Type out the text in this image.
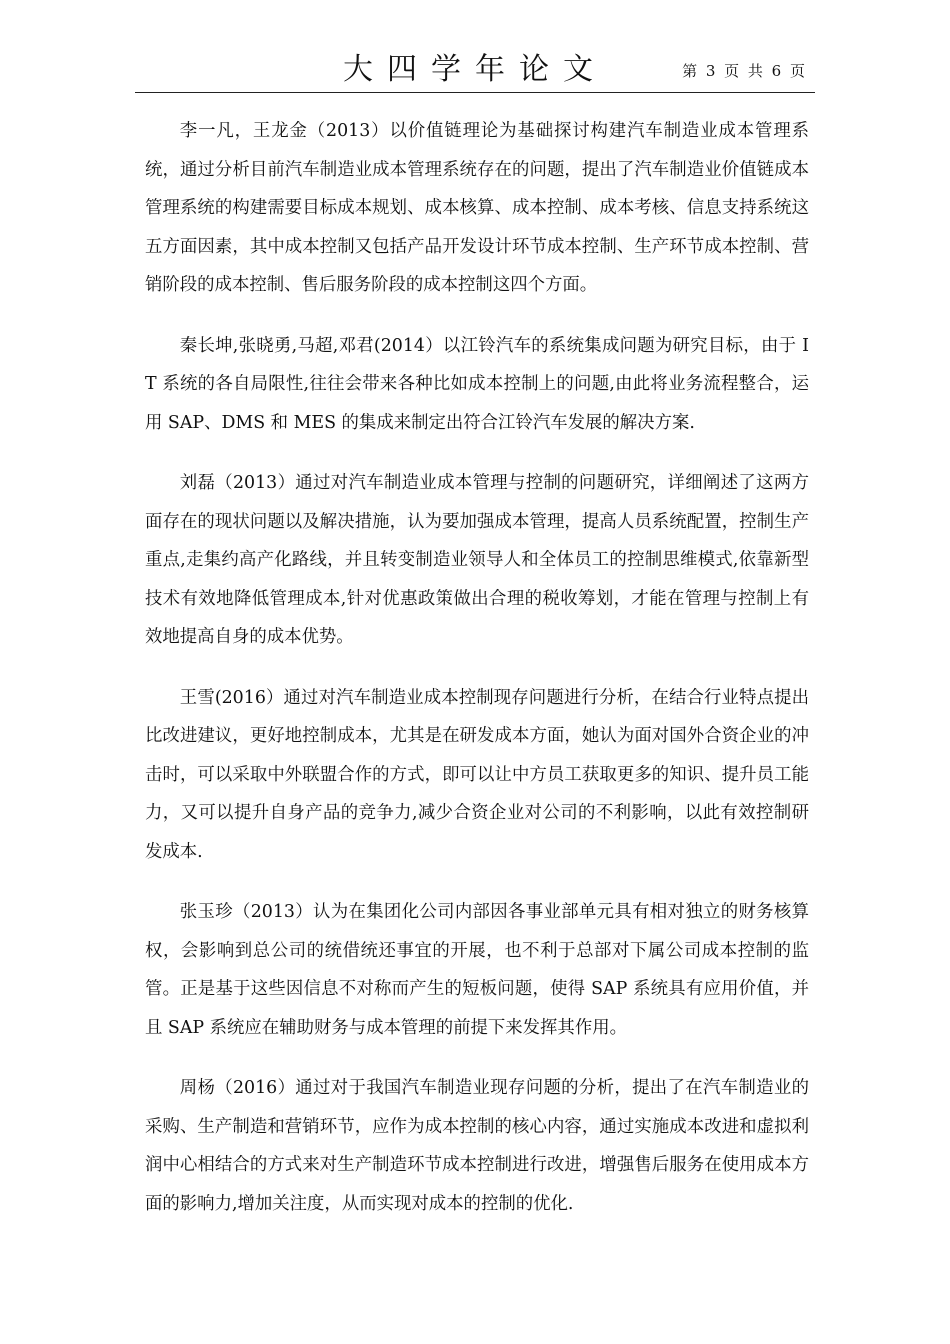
大四学年论文	第 3 页 共 6 页

李一凡，王龙金（2013）以价值链理论为基础探讨构建汽车制造业成本管理系统，通过分析目前汽车制造业成本管理系统存在的问题，提出了汽车制造业价值链成本管理系统的构建需要目标成本规划、成本核算、成本控制、成本考核、信息支持系统这五方面因素，其中成本控制又包括产品开发设计环节成本控制、生产环节成本控制、营销阶段的成本控制、售后服务阶段的成本控制这四个方面。

秦长坤,张晓勇,马超,邓君(2014）以江铃汽车的系统集成问题为研究目标，由于 IT 系统的各自局限性,往往会带来各种比如成本控制上的问题,由此将业务流程整合，运用 SAP、DMS 和 MES 的集成来制定出符合江铃汽车发展的解决方案.

刘磊（2013）通过对汽车制造业成本管理与控制的问题研究，详细阐述了这两方面存在的现状问题以及解决措施，认为要加强成本管理，提高人员系统配置，控制生产重点,走集约高产化路线，并且转变制造业领导人和全体员工的控制思维模式,依靠新型技术有效地降低管理成本,针对优惠政策做出合理的税收筹划，才能在管理与控制上有效地提高自身的成本优势。

王雪(2016）通过对汽车制造业成本控制现存问题进行分析，在结合行业特点提出比改进建议，更好地控制成本，尤其是在研发成本方面，她认为面对国外合资企业的冲击时，可以采取中外联盟合作的方式，即可以让中方员工获取更多的知识、提升员工能力，又可以提升自身产品的竞争力,减少合资企业对公司的不利影响，以此有效控制研发成本.

张玉珍（2013）认为在集团化公司内部因各事业部单元具有相对独立的财务核算权，会影响到总公司的统借统还事宜的开展，也不利于总部对下属公司成本控制的监管。正是基于这些因信息不对称而产生的短板问题，使得 SAP 系统具有应用价值，并且 SAP 系统应在辅助财务与成本管理的前提下来发挥其作用。

周杨（2016）通过对于我国汽车制造业现存问题的分析，提出了在汽车制造业的采购、生产制造和营销环节，应作为成本控制的核心内容，通过实施成本改进和虚拟利润中心相结合的方式来对生产制造环节成本控制进行改进，增强售后服务在使用成本方面的影响力,增加关注度，从而实现对成本的控制的优化.
